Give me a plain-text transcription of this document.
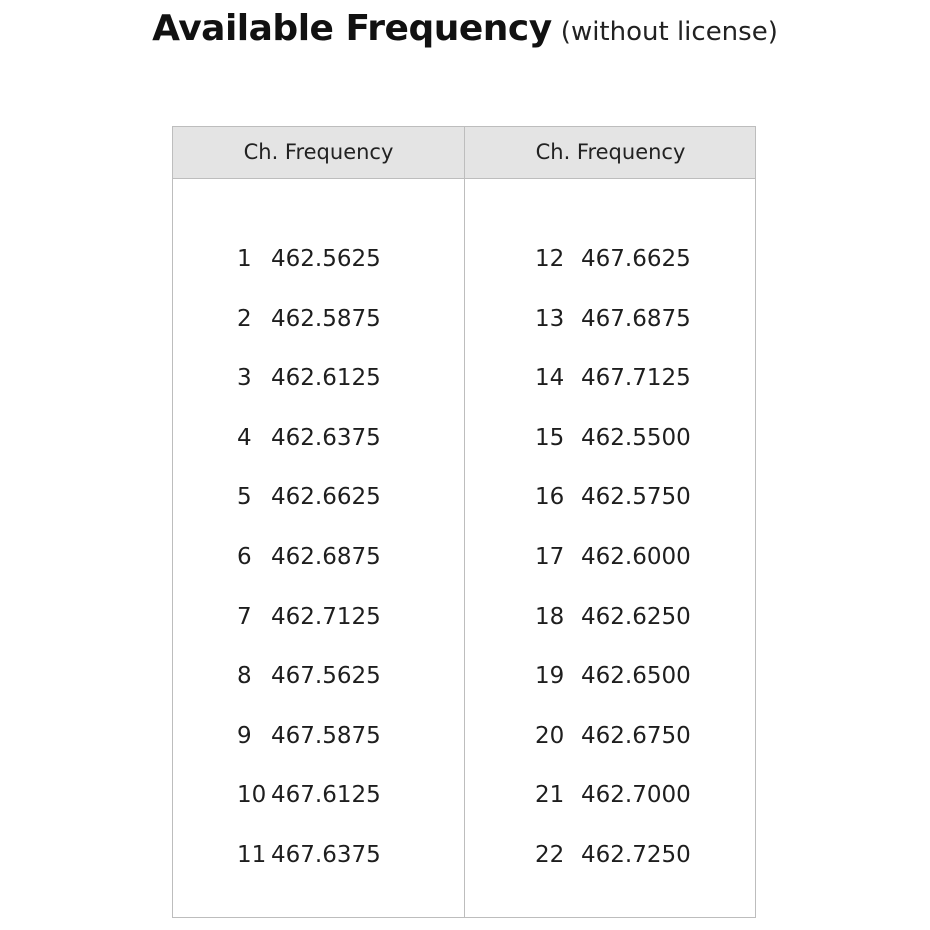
Available Frequency (without license)
Ch. Frequency	Ch. Frequency
1 462.5625
2 462.5875
3 462.6125
4 462.6375
5 462.6625
6 462.6875
7 462.7125
8 467.5625
9 467.5875
10 467.6125
11 467.6375
12 467.6625
13 467.6875
14 467.7125
15 462.5500
16 462.5750
17 462.6000
18 462.6250
19 462.6500
20 462.6750
21 462.7000
22 462.7250
